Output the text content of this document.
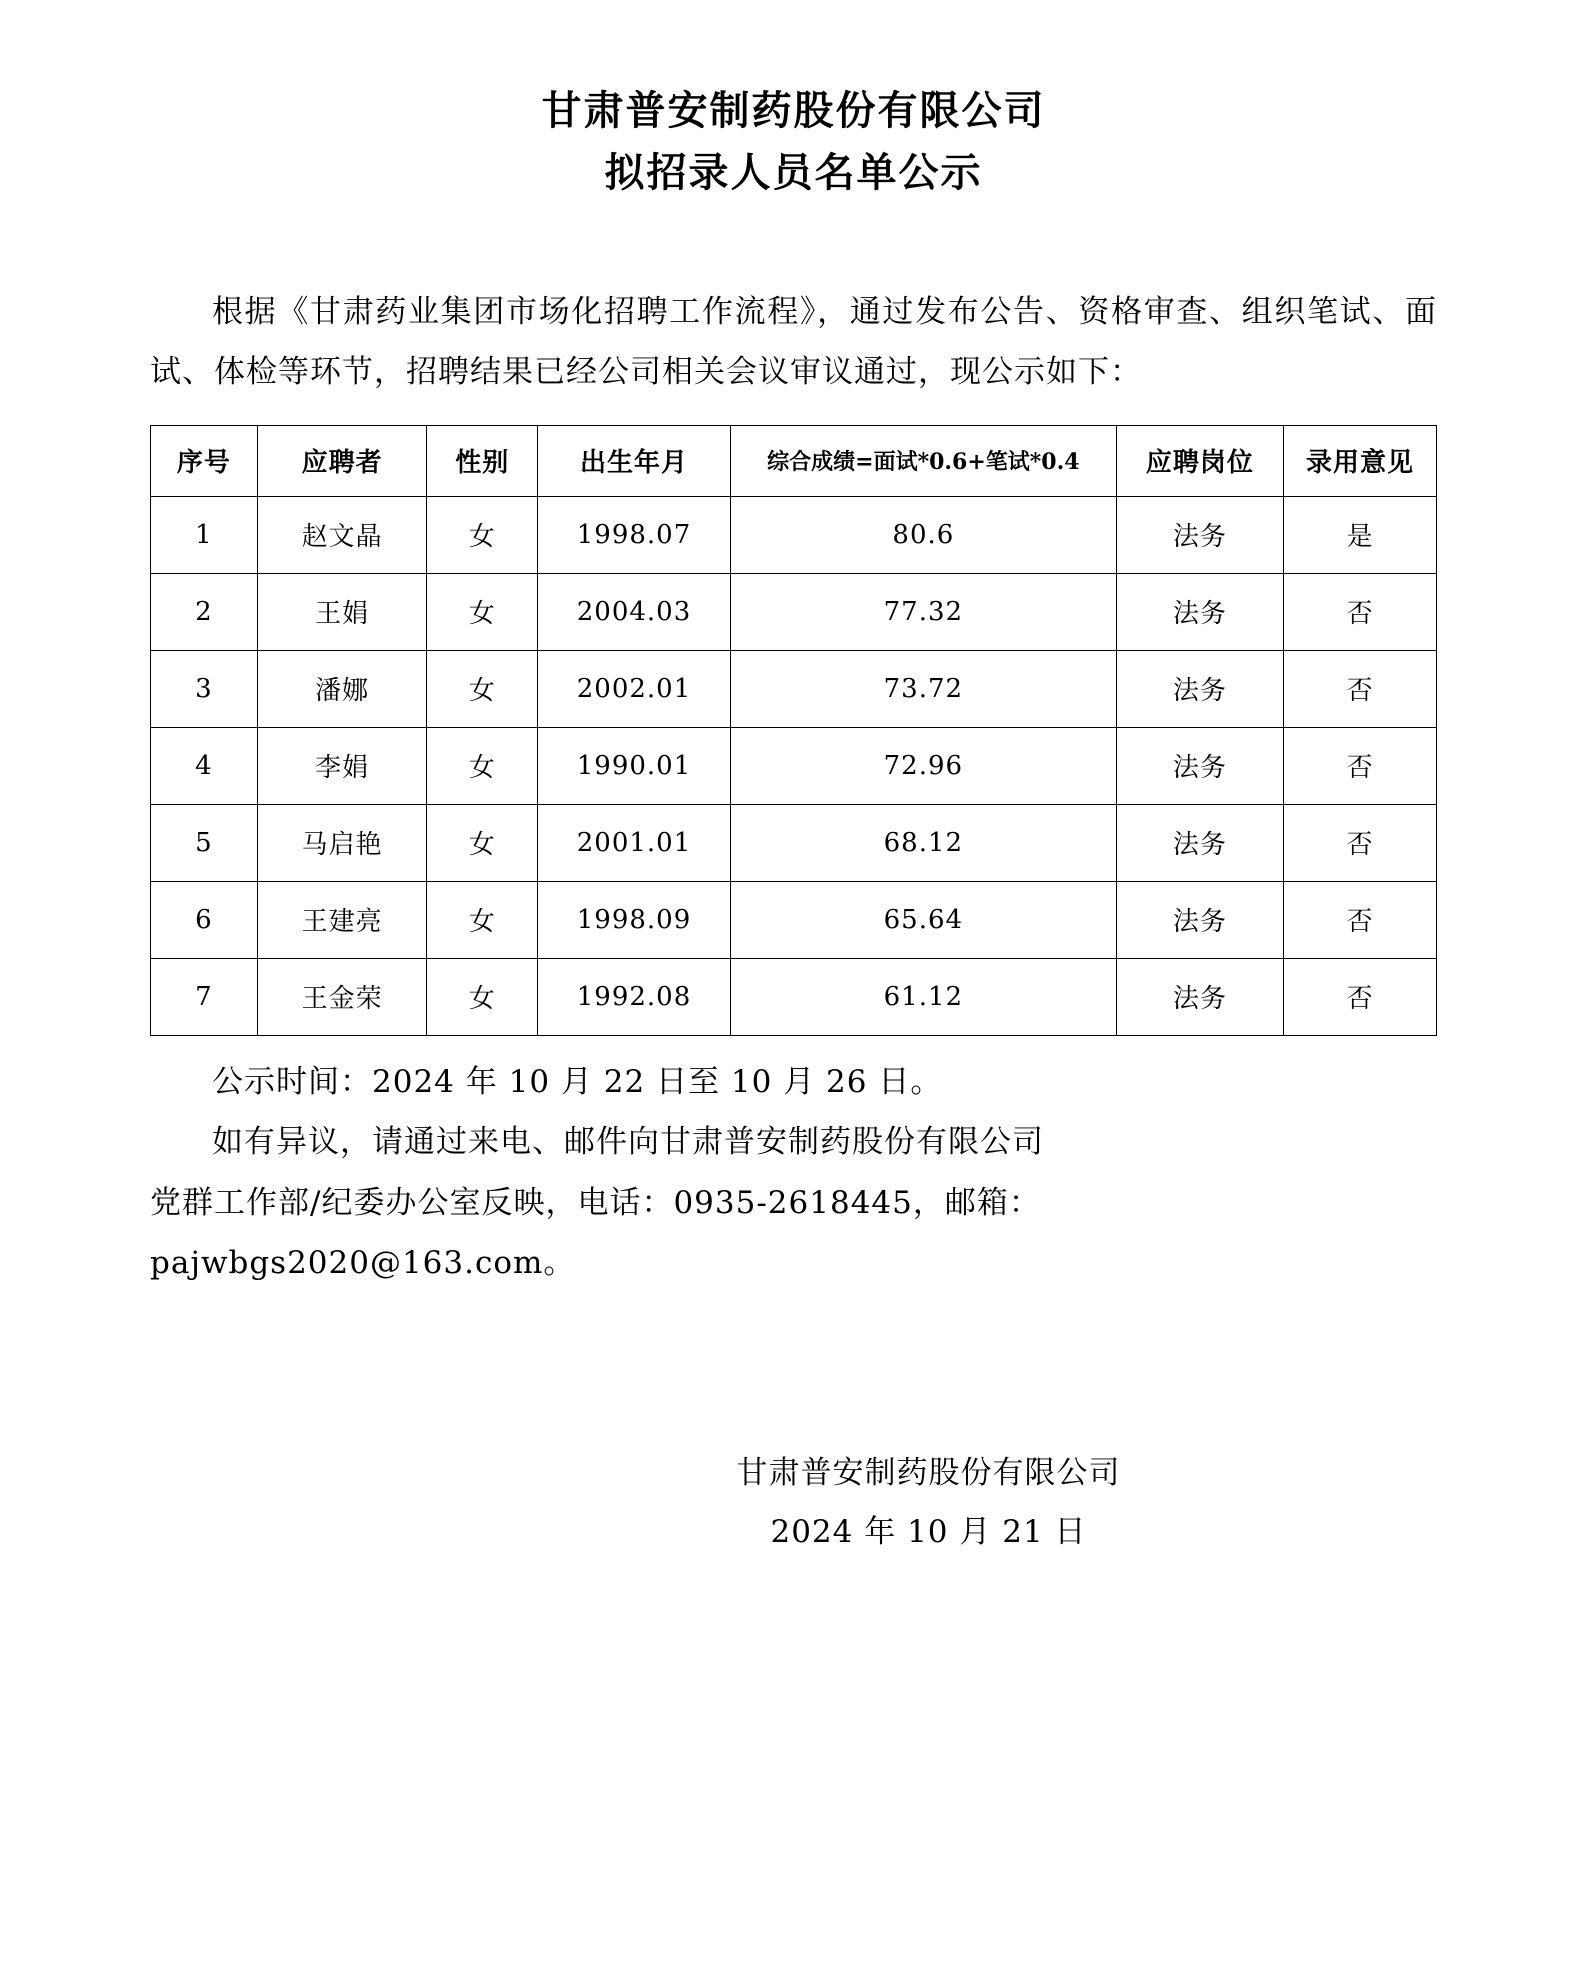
甘肃普安制药股份有限公司
拟招录人员名单公示

根据《甘肃药业集团市场化招聘工作流程》，通过发布公告、资格审查、组织笔试、面试、体检等环节，招聘结果已经公司相关会议审议通过，现公示如下：

序号	应聘者	性别	出生年月	综合成绩=面试*0.6+笔试*0.4	应聘岗位	录用意见
1	赵文晶	女	1998.07	80.6	法务	是
2	王娟	女	2004.03	77.32	法务	否
3	潘娜	女	2002.01	73.72	法务	否
4	李娟	女	1990.01	72.96	法务	否
5	马启艳	女	2001.01	68.12	法务	否
6	王建亮	女	1998.09	65.64	法务	否
7	王金荣	女	1992.08	61.12	法务	否

公示时间：2024 年 10 月 22 日至 10 月 26 日。

如有异议，请通过来电、邮件向甘肃普安制药股份有限公司

党群工作部/纪委办公室反映，电话：0935-2618445，邮箱：

pajwbgs2020@163.com。

甘肃普安制药股份有限公司

2024 年 10 月 21 日
